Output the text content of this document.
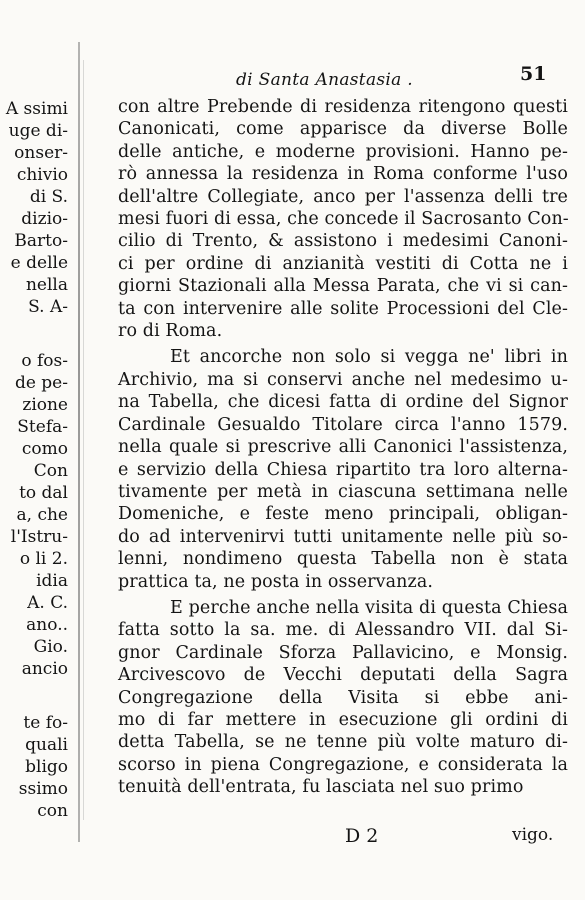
A ssimi
uge di-
onser-
chivio
di S.
dizio-
Barto-
e delle
nella
S. A-
o fos-
de pe-
zione
Stefa-
como
Con
to dal
a, che
l'Istru-
o li 2.
idia
A. C.
ano..
Gio.
ancio
te fo-
quali
bligo
ssimo
con
di Santa Anastasia .	51
con altre Prebende di residenza ritengono questi
Canonicati, come apparisce da diverse Bolle
delle antiche, e moderne provisioni. Hanno pe-
rò annessa la residenza in Roma conforme l'uso
dell'altre Collegiate, anco per l'assenza delli tre
mesi fuori di essa, che concede il Sacrosanto Con-
cilio di Trento, & assistono i medesimi Canoni-
ci per ordine di anzianità vestiti di Cotta ne i
giorni Stazionali alla Messa Parata, che vi si can-
ta con intervenire alle solite Processioni del Cle-
ro di Roma.
Et ancorche non solo si vegga ne' libri in
Archivio, ma si conservi anche nel medesimo u-
na Tabella, che dicesi fatta di ordine del Signor
Cardinale Gesualdo Titolare circa l'anno 1579.
nella quale si prescrive alli Canonici l'assistenza,
e servizio della Chiesa ripartito tra loro alterna-
tivamente per metà in ciascuna settimana nelle
Domeniche, e feste meno principali, obligan-
do ad intervenirvi tutti unitamente nelle più so-
lenni, nondimeno questa Tabella non è stata
prattica ta, ne posta in osservanza.
E perche anche nella visita di questa Chiesa
fatta sotto la sa. me. di Alessandro VII. dal Si-
gnor Cardinale Sforza Pallavicino, e Monsig.
Arcivescovo de Vecchi deputati della Sagra
Congregazione della Visita si ebbe ani-
mo di far mettere in esecuzione gli ordini di
detta Tabella, se ne tenne più volte maturo di-
scorso in piena Congregazione, e considerata la
tenuità dell'entrata, fu lasciata nel suo primo
D 2	vigo.
